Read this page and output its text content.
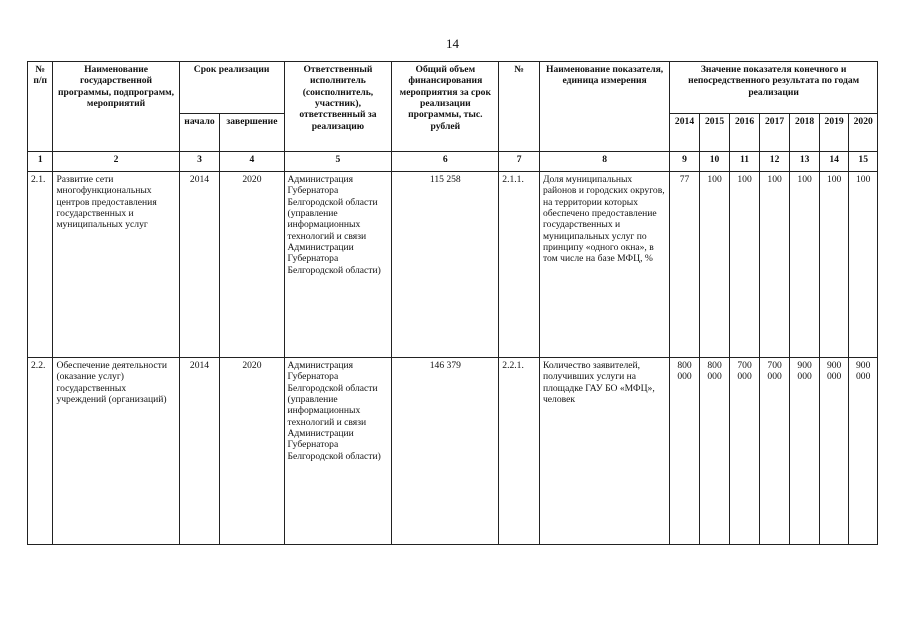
14
№ п/п	Наименование государственной программы, подпрограмм, мероприятий	Срок реализации		Ответственный исполнитель (соисполнитель, участник), ответственный за реализацию	Общий объем финансирования мероприятия за срок реализации программы, тыс. рублей	№	Наименование показателя, единица измерения	Значение показателя конечного и непосредственного результата по годам реализации						
		начало	завершение					2014	2015	2016	2017	2018	2019	2020
1	2	3	4	5	6	7	8	9	10	11	12	13	14	15
2.1.	Развитие сети многофункциональных центров предоставления государственных и муниципальных услуг	2014	2020	Администрация Губернатора Белгородской области (управление информационных технологий и связи Администрации Губернатора Белгородской области)	115 258	2.1.1.	Доля муниципальных районов и городских округов, на территории которых обеспечено предоставление государственных и муниципальных услуг по принципу «одного окна», в том числе на базе МФЦ, %	77	100	100	100	100	100	100
2.2.	Обеспечение деятельности (оказание услуг) государственных учреждений (организаций)	2014	2020	Администрация Губернатора Белгородской области (управление информационных технологий и связи Администрации Губернатора Белгородской области)	146 379	2.2.1.	Количество заявителей, получивших услуги на площадке ГАУ БО «МФЦ», человек	800 000	800 000	700 000	700 000	900 000	900 000	900 000
